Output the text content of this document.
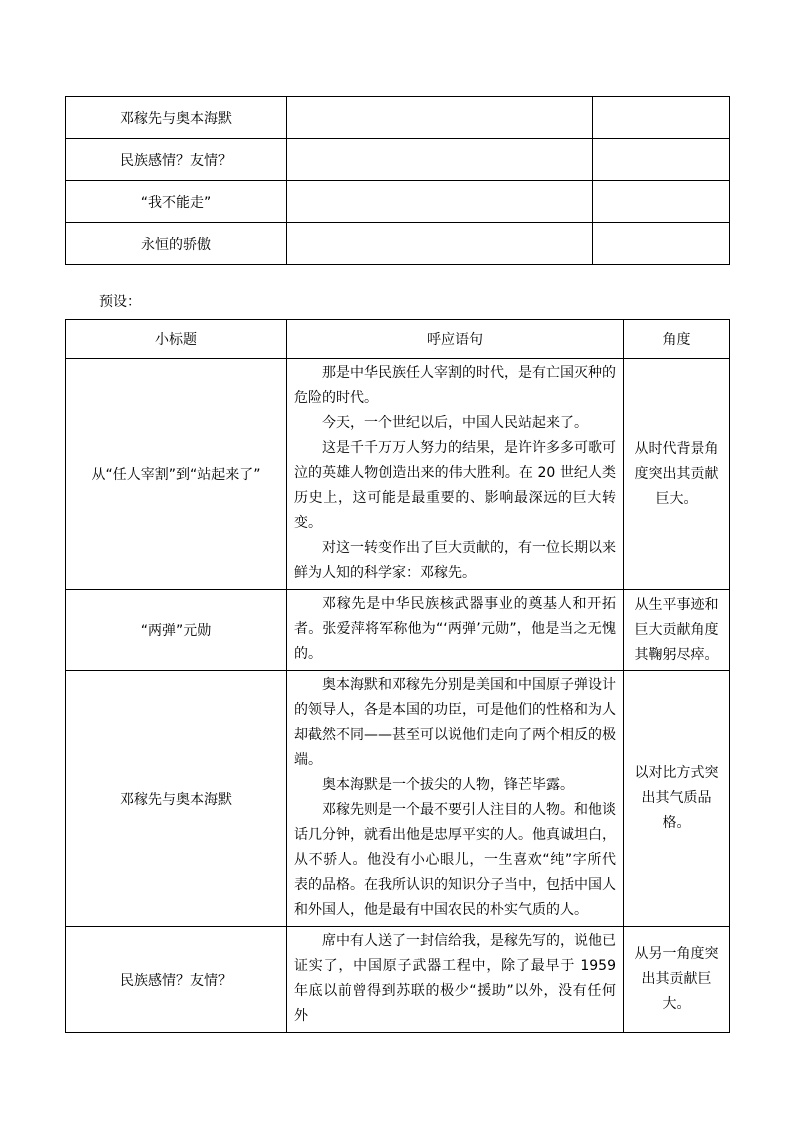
邓稼先与奥本海默		
民族感情？友情？		
“我不能走”		
永恒的骄傲		
预设：
小标题	呼应语句	角度
从“任人宰割”到“站起来了”	那是中华民族任人宰割的时代，是有亡国灭种的危险的时代。

今天，一个世纪以后，中国人民站起来了。

这是千千万万人努力的结果，是许许多多可歌可泣的英雄人物创造出来的伟大胜利。在 20 世纪人类历史上，这可能是最重要的、影响最深远的巨大转变。

对这一转变作出了巨大贡献的，有一位长期以来鲜为人知的科学家：邓稼先。	从时代背景角度突出其贡献巨大。
“两弹”元勋	邓稼先是中华民族核武器事业的奠基人和开拓者。张爱萍将军称他为“‘两弹’元勋”，他是当之无愧的。	从生平事迹和巨大贡献角度其鞠躬尽瘁。
邓稼先与奥本海默	奥本海默和邓稼先分别是美国和中国原子弹设计的领导人，各是本国的功臣，可是他们的性格和为人却截然不同——甚至可以说他们走向了两个相反的极端。

奥本海默是一个拔尖的人物，锋芒毕露。

邓稼先则是一个最不要引人注目的人物。和他谈话几分钟，就看出他是忠厚平实的人。他真诚坦白，从不骄人。他没有小心眼儿，一生喜欢“纯”字所代表的品格。在我所认识的知识分子当中，包括中国人和外国人，他是最有中国农民的朴实气质的人。	以对比方式突出其气质品格。
民族感情？友情？	席中有人送了一封信给我，是稼先写的，说他已证实了，中国原子武器工程中，除了最早于 1959 年底以前曾得到苏联的极少“援助”以外，没有任何外	从另一角度突出其贡献巨大。
